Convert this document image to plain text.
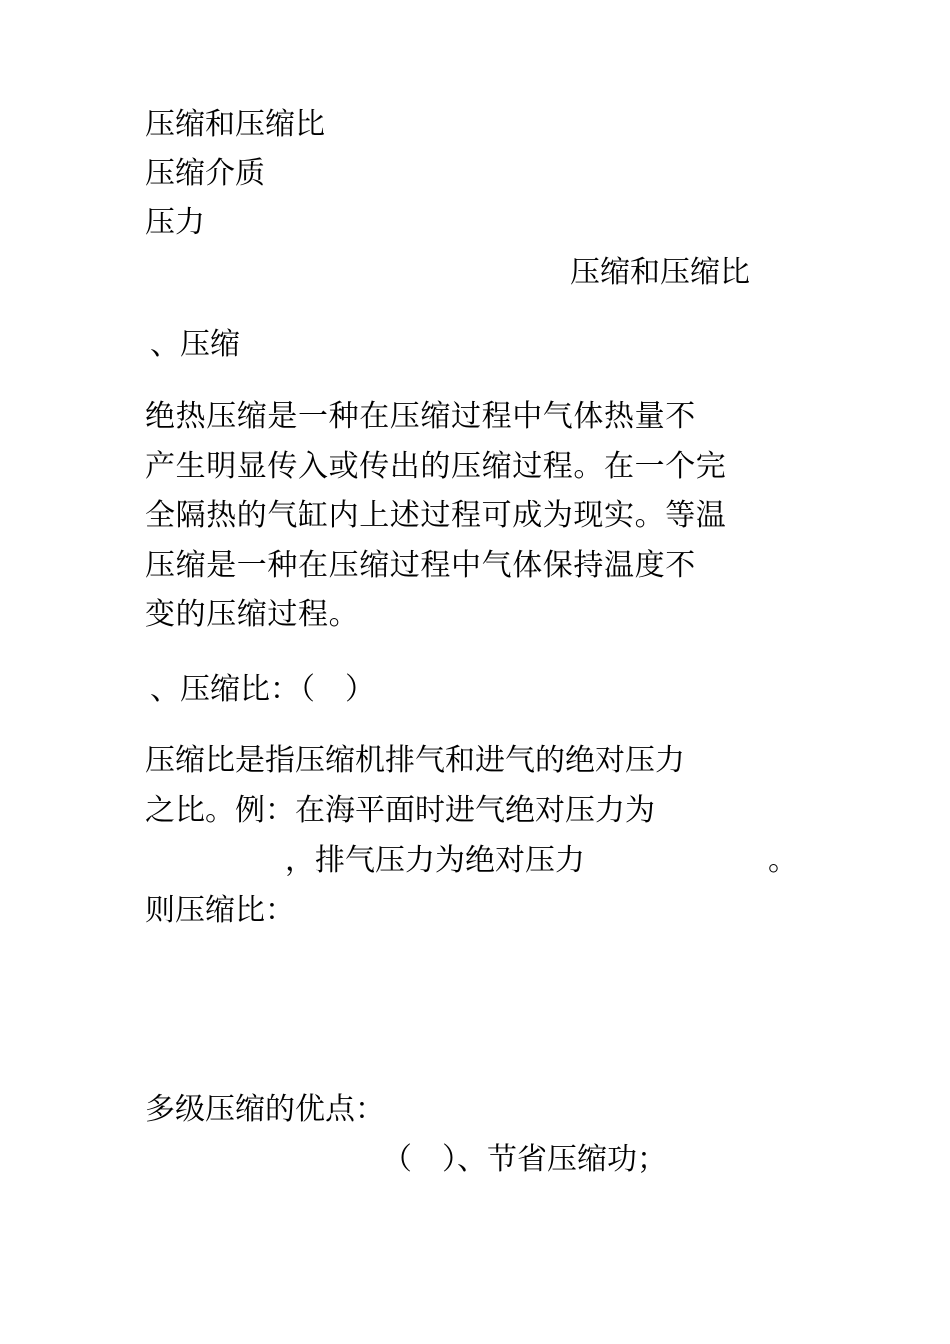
压缩和压缩比
压缩介质
压力
压缩和压缩比
、压缩
绝热压缩是一种在压缩过程中气体热量不
产生明显传入或传出的压缩过程。在一个完
全隔热的气缸内上述过程可成为现实。等温
压缩是一种在压缩过程中气体保持温度不
变的压缩过程。
、压缩比：（　）
压缩比是指压缩机排气和进气的绝对压力
之比。例：在海平面时进气绝对压力为
，排气压力为绝对压力	。
则压缩比：
多级压缩的优点：
（　）、节省压缩功；
